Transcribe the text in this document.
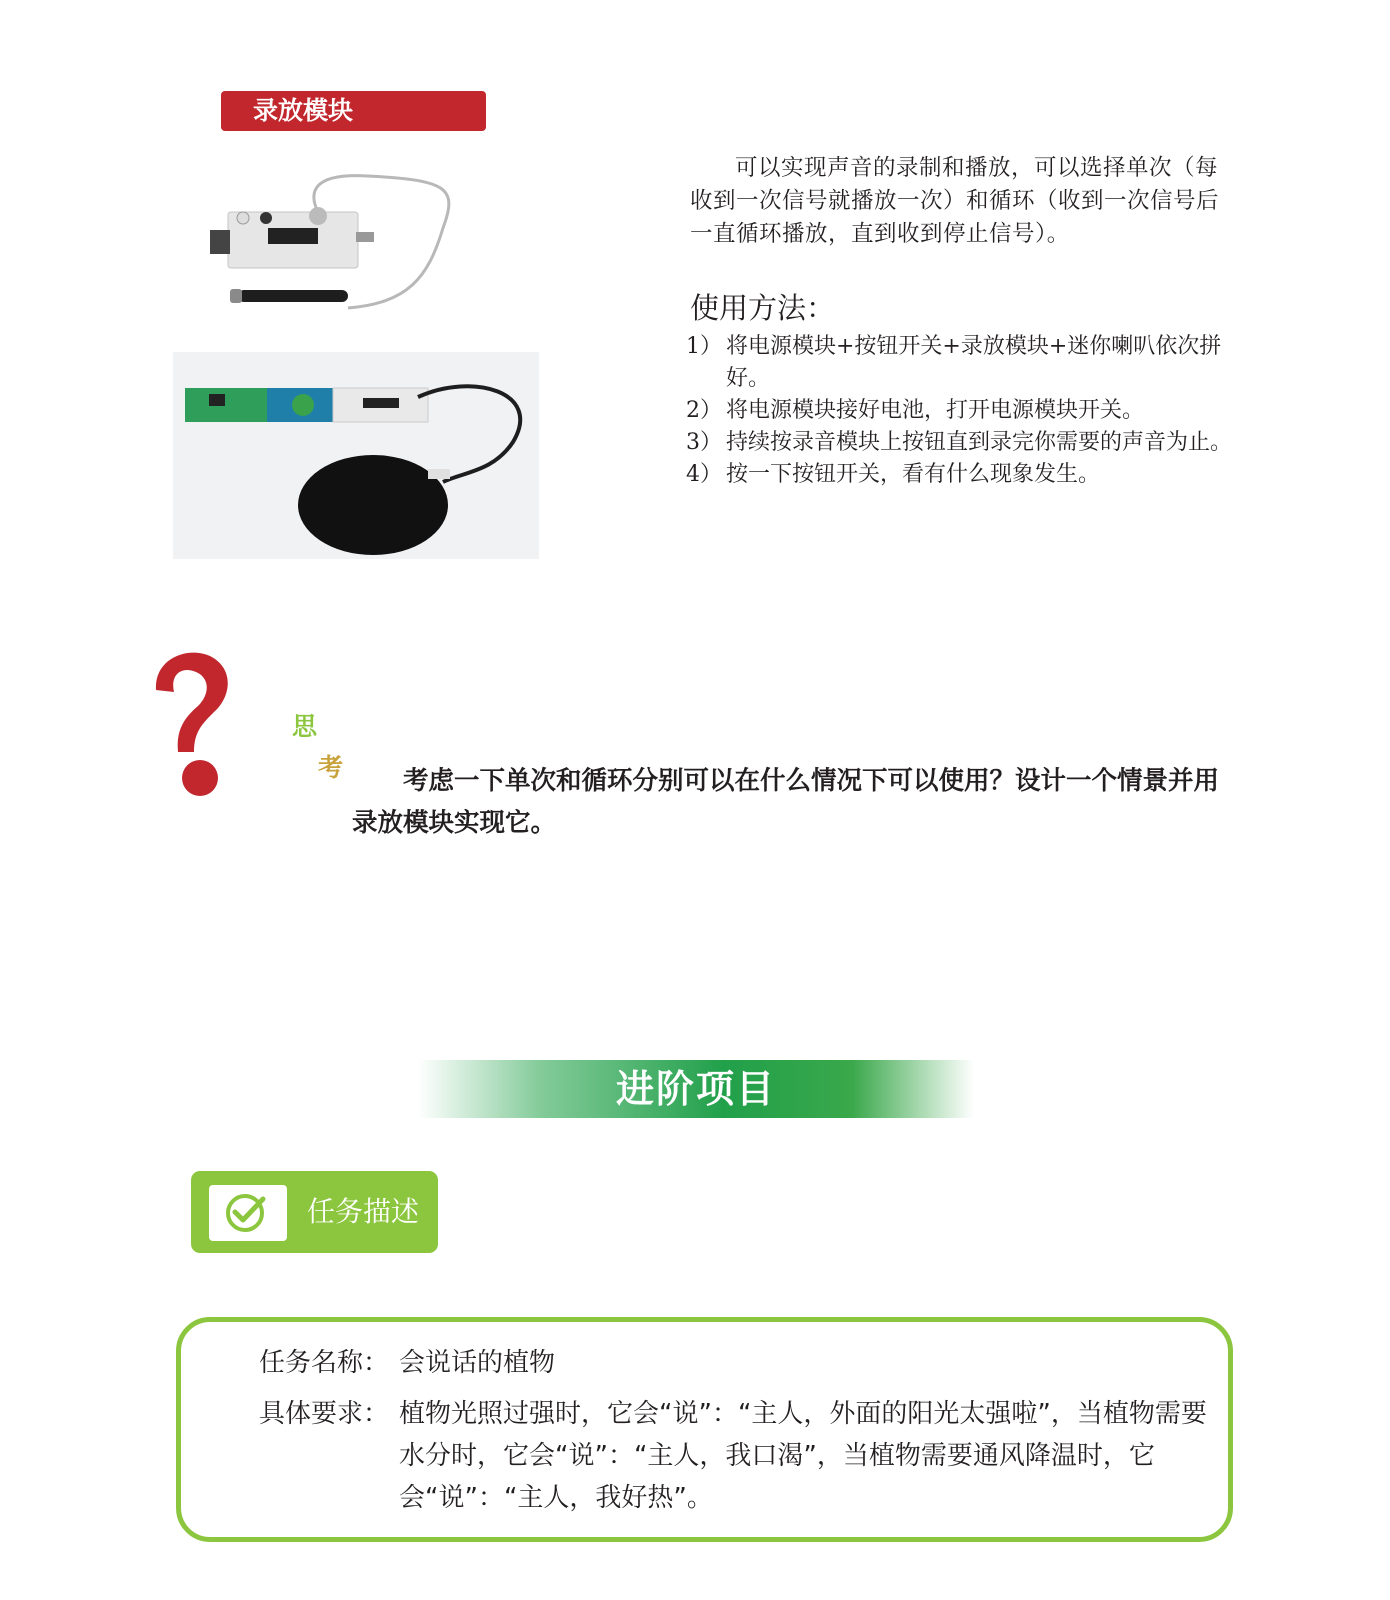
录放模块

可以实现声音的录制和播放，可以选择单次（每收到一次信号就播放一次）和循环（收到一次信号后一直循环播放，直到收到停止信号）。

使用方法：
1） 将电源模块+按钮开关+录放模块+迷你喇叭依次拼好。
2） 将电源模块接好电池，打开电源模块开关。
3） 持续按录音模块上按钮直到录完你需要的声音为止。
4） 按一下按钮开关，看有什么现象发生。
思
考	考虑一下单次和循环分别可以在什么情况下可以使用？设计一个情景并用录放模块实现它。

进阶项目
任务描述
任务名称： 会说话的植物
具体要求： 植物光照过强时，它会“说”：“主人，外面的阳光太强啦”，当植物需要水分时，它会“说”：“主人，我口渴”，当植物需要通风降温时，它会“说”：“主人，我好热”。
